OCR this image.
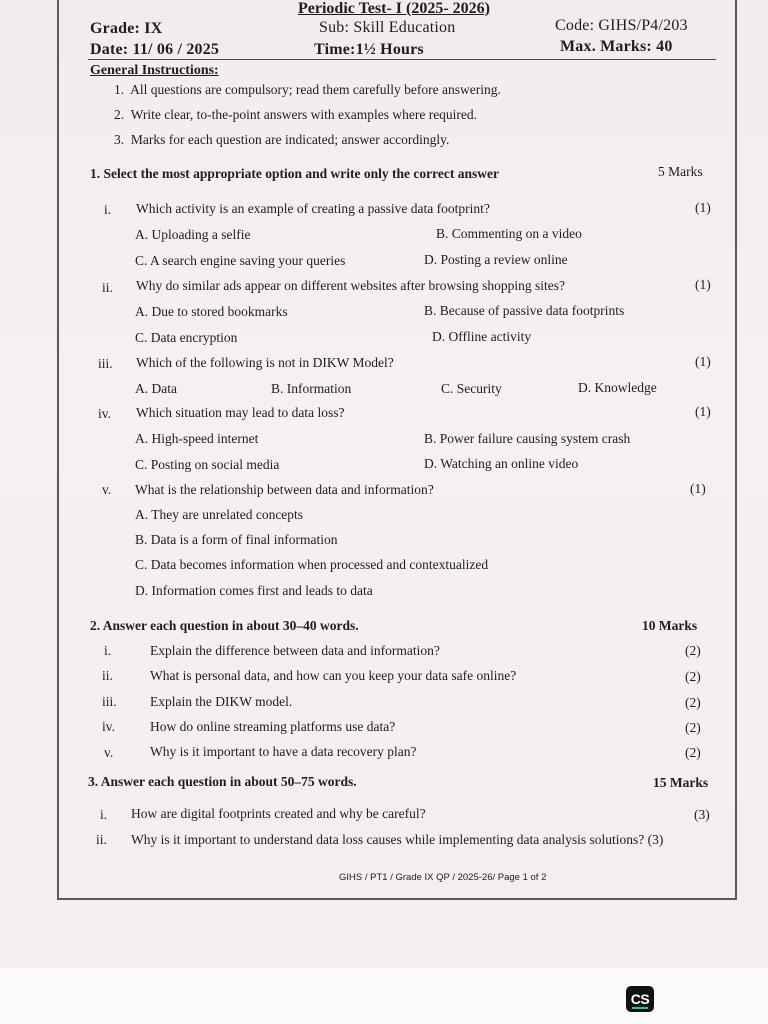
Periodic Test- I (2025- 2026)
Grade: IX	Sub: Skill Education	Code: GIHS/P4/203
Date: 11/ 06 / 2025	Time:1½ Hours	Max. Marks: 40
General Instructions:
1. All questions are compulsory; read them carefully before answering.
2. Write clear, to-the-point answers with examples where required.
3. Marks for each question are indicated; answer accordingly.
1. Select the most appropriate option and write only the correct answer	5 Marks
i. Which activity is an example of creating a passive data footprint?	(1)
A. Uploading a selfie	B. Commenting on a video
C. A search engine saving your queries	D. Posting a review online
ii. Why do similar ads appear on different websites after browsing shopping sites?	(1)
A. Due to stored bookmarks	B. Because of passive data footprints
C. Data encryption	D. Offline activity
iii. Which of the following is not in DIKW Model?	(1)
A. Data	B. Information	C. Security	D. Knowledge
iv. Which situation may lead to data loss?	(1)
A. High-speed internet	B. Power failure causing system crash
C. Posting on social media	D. Watching an online video
v. What is the relationship between data and information?	(1)
A. They are unrelated concepts
B. Data is a form of final information
C. Data becomes information when processed and contextualized
D. Information comes first and leads to data
2. Answer each question in about 30–40 words.	10 Marks
i.	Explain the difference between data and information?	(2)
ii.	What is personal data, and how can you keep your data safe online?	(2)
iii. Explain the DIKW model.	(2)
iv.	How do online streaming platforms use data?	(2)
v.	Why is it important to have a data recovery plan?	(2)
3. Answer each question in about 50–75 words.	15 Marks
i. How are digital footprints created and why be careful?	(3)
ii. Why is it important to understand data loss causes while implementing data analysis solutions? (3)
GIHS / PT1 / Grade IX QP / 2025-26/ Page 1 of 2
CS
